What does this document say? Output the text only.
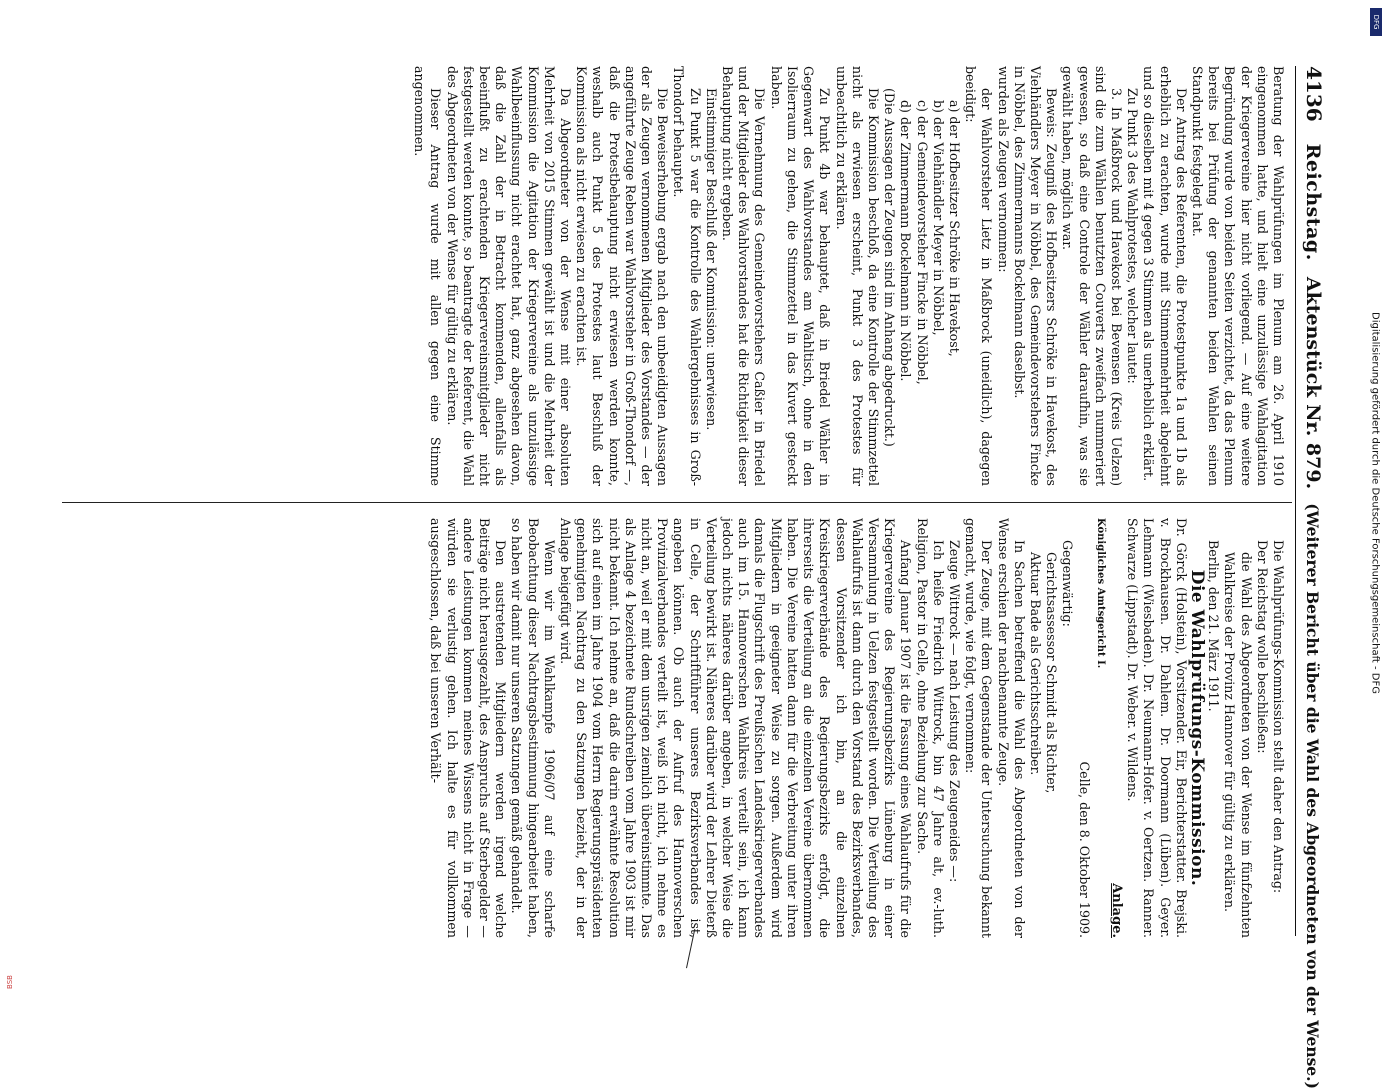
4136
Reichstag.
Aktenstück Nr. 879.
(Weiterer Bericht über die Wahl des Abgeordneten von der Wense.)

Beratung der Wahlprüfungen im Plenum am 26. April 1910 eingenommen hatte, und hielt eine unzulässige Wahlagitation der Kriegervereine hier nicht vorliegend. — Auf eine weitere Begründung wurde von beiden Seiten verzichtet, da das Plenum bereits bei Prüfung der genannten beiden Wahlen seinen Standpunkt festgelegt hat.

Der Antrag des Referenten, die Protestpunkte 1a und 1b als erheblich zu erachten, wurde mit Stimmenmehrheit abgelehnt und so dieselben mit 4 gegen 3 Stimmen als unerheblich erklärt.

Zu Punkt 3 des Wahlprotestes, welcher lautet:

3. In Maßbrock und Havekost bei Bevensen (Kreis Uelzen) sind die zum Wählen benutzten Couverts zweifach nummeriert gewesen, so daß eine Controle der Wähler daraufhin, was sie gewählt haben, möglich war.

Beweis: Zeugniß des Hofbesitzers Schröke in Havekost, des Viehhändlers Meyer in Nöbbel, des Gemeindevorstehers Fincke in Nöbbel, des Zimmermanns Bockelmann daselbst.

wurden als Zeugen vernommen:

der Wahlvorsteher Lietz in Maßbrock (uneidlich), dagegen beeidigt:

a) der Hofbesitzer Schröke in Havekost,

b) der Viehhändler Meyer in Nöbbel,

c) der Gemeindevorsteher Fincke in Nöbbel,

d) der Zimmermann Bockelmann in Nöbbel.

(Die Aussagen der Zeugen sind im Anhang abgedruckt.)

Die Kommission beschloß, da eine Kontrolle der Stimmzettel nicht als erwiesen erscheint, Punkt 3 des Protestes für unbeachtlich zu erklären.

Zu Punkt 4b war behauptet, daß in Briedel Wähler in Gegenwart des Wahlvorstandes am Wahltisch, ohne in den Isolierraum zu gehen, die Stimmzettel in das Kuvert gesteckt haben.

Die Vernehmung des Gemeindevorstehers Caßier in Briedel und der Mitglieder des Wahlvorstandes hat die Richtigkeit dieser Behauptung nicht ergeben.

Einstimmiger Beschluß der Kommission: unerwiesen.

Zu Punkt 5 war die Kontrolle des Wahlergebnisses in Groß-Thondorf behauptet.

Die Beweiserhebung ergab nach den unbeeidigten Aussagen der als Zeugen vernommenen Mitglieder des Vorstandes — der angeführte Zeuge Reben war Wahlvorsteher in Groß-Thondorf —, daß die Protestbehauptung nicht erwiesen werden konnte, weshalb auch Punkt 5 des Protestes laut Beschluß der Kommission als nicht erwiesen zu erachten ist.

Da Abgeordneter von der Wense mit einer absoluten Mehrheit von 2015 Stimmen gewählt ist und die Mehrheit der Kommission die Agitation der Kriegervereine als unzulässige Wahlbeeinflussung nicht erachtet hat, ganz abgesehen davon, daß die Zahl der in Betracht kommenden, allenfalls als beeinflußt zu erachtenden Kriegervereinsmitglieder nicht festgestellt werden konnte, so beantragte der Referent, die Wahl des Abgeordneten von der Wense für gültig zu erklären.

Dieser Antrag wurde mit allen gegen eine Stimme angenommen.

Die Wahlprüfungs-Kommission stellt daher den Antrag:

Der Reichstag wolle beschließen:

die Wahl des Abgeordneten von der Wense im fünfzehnten Wahlkreise der Provinz Hannover für gültig zu erklären.

Berlin, den 21. März 1911.

Die Wahlprüfungs-Kommission.

Dr. Görck (Holstein), Vorsitzender. Eir, Berichterstatter. Brejski. v. Brockhausen. Dr. Dahlem. Dr. Doormann (Lüben). Geyer. Lehmann (Wiesbaden). Dr. Neumann-Hofer. v. Oertzen. Ranner. Schwarze (Lippstadt). Dr. Weber. v. Wildens.

Anlage.

Königliches Amtsgericht I.

Celle, den 8. Oktober 1909.

Gegenwärtig:

Gerichtsassessor Schmidt als Richter,

Aktuar Bade als Gerichtsschreiber.

In Sachen betreffend die Wahl des Abgeordneten von der Wense erschien der nachbenannte Zeuge.

Der Zeuge, mit dem Gegenstande der Untersuchung bekannt gemacht, wurde, wie folgt, vernommen:

Zeuge Wittrock — nach Leistung des Zeugeneides —:

Ich heiße Friedrich Wittrock, bin 47 Jahre alt, ev.-luth. Religion, Pastor in Celle, ohne Beziehung zur Sache.

Anfang Januar 1907 ist die Fassung eines Wahlaufrufs für die Kriegervereine des Regierungsbezirks Lüneburg in einer Versammlung in Uelzen festgestellt worden. Die Verteilung des Wahlaufrufs ist dann durch den Vorstand des Bezirksverbandes, dessen Vorsitzender ich bin, an die einzelnen Kreiskriegerverbände des Regierungsbezirks erfolgt, die ihrerseits die Verteilung an die einzelnen Vereine übernommen haben. Die Vereine hatten dann für die Verbreitung unter ihren Mitgliedern in geeigneter Weise zu sorgen. Außerdem wird damals die Flugschrift des Preußischen Landeskriegerverbandes auch im 15. Hannoverschen Wahlkreis verteilt sein, ich kann jedoch nichts näheres darüber angeben, in welcher Weise die Verteilung bewirkt ist. Näheres darüber wird der Lehrer Dieterß in Celle, der Schriftführer unseres Bezirksverbandes ist, angeben können. Ob auch der Aufruf des Hannoverschen Provinzialverbandes verteilt ist, weiß ich nicht, ich nehme es nicht an, weil er mit dem unsrigen ziemlich übereinstimmte. Das als Anlage 4 bezeichnete Rundschreiben vom Jahre 1903 ist mir nicht bekannt. Ich nehme an, daß die darin erwähnte Resolution sich auf einen im Jahre 1904 vom Herrn Regierungspräsidenten genehmigten Nachtrag zu den Satzungen bezieht, der in der Anlage beigefügt wird.

Wenn wir im Wahlkampfe 1906/07 auf eine scharfe Beobachtung dieser Nachtragsbestimmung hingearbeitet haben, so haben wir damit nur unseren Satzungen gemäß gehandelt.

Den austretenden Mitgliedern werden irgend welche Beiträge nicht herausgezahlt, des Anspruchs auf Sterbegelder — andere Leistungen kommen meines Wissens nicht in Frage — würden sie verlustig gehen. Ich halte es für vollkommen ausgeschlossen, daß bei unseren Verhält-	Digitalisierung gefördert durch die Deutsche Forschungsgemeinschaft - DFG
DFG
BSB
